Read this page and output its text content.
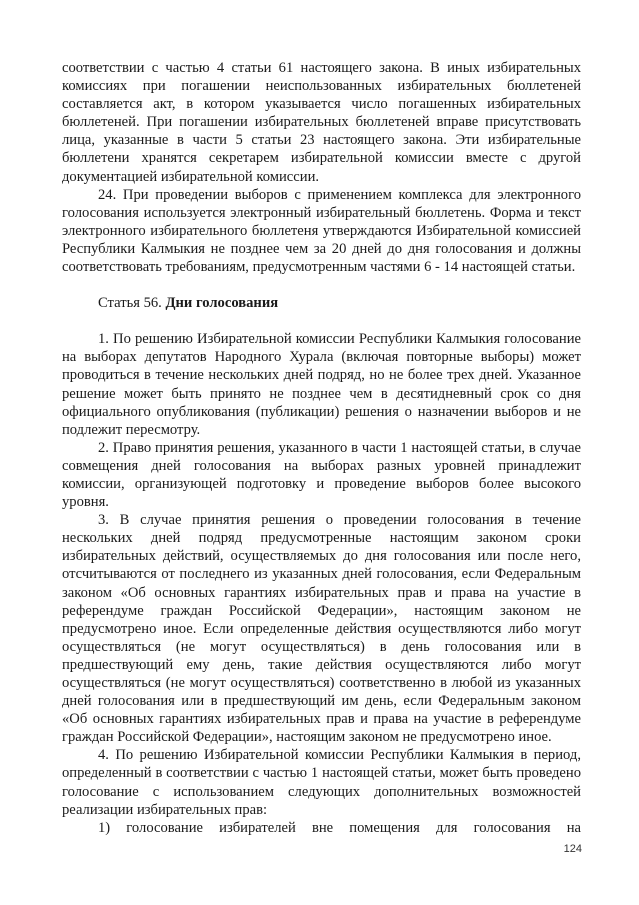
соответствии с частью 4 статьи 61 настоящего закона. В иных избирательных комиссиях при погашении неиспользованных избирательных бюллетеней составляется акт, в котором указывается число погашенных избирательных бюллетеней. При погашении избирательных бюллетеней вправе присутствовать лица, указанные в части 5 статьи 23 настоящего закона. Эти избирательные бюллетени хранятся секретарем избирательной комиссии вместе с другой документацией избирательной комиссии.

24. При проведении выборов с применением комплекса для электронного голосования используется электронный избирательный бюллетень. Форма и текст электронного избирательного бюллетеня утверждаются Избирательной комиссией Республики Калмыкия не позднее чем за 20 дней до дня голосования и должны соответствовать требованиям, предусмотренным частями 6 - 14 настоящей статьи.

Статья 56. Дни голосования

1. По решению Избирательной комиссии Республики Калмыкия голосование на выборах депутатов Народного Хурала (включая повторные выборы) может проводиться в течение нескольких дней подряд, но не более трех дней. Указанное решение может быть принято не позднее чем в десятидневный срок со дня официального опубликования (публикации) решения о назначении выборов и не подлежит пересмотру.

2. Право принятия решения, указанного в части 1 настоящей статьи, в случае совмещения дней голосования на выборах разных уровней принадлежит комиссии, организующей подготовку и проведение выборов более высокого уровня.

3. В случае принятия решения о проведении голосования в течение нескольких дней подряд предусмотренные настоящим законом сроки избирательных действий, осуществляемых до дня голосования или после него, отсчитываются от последнего из указанных дней голосования, если Федеральным законом «Об основных гарантиях избирательных прав и права на участие в референдуме граждан Российской Федерации», настоящим законом не предусмотрено иное. Если определенные действия осуществляются либо могут осуществляться (не могут осуществляться) в день голосования или в предшествующий ему день, такие действия осуществляются либо могут осуществляться (не могут осуществляться) соответственно в любой из указанных дней голосования или в предшествующий им день, если Федеральным законом «Об основных гарантиях избирательных прав и права на участие в референдуме граждан Российской Федерации», настоящим законом не предусмотрено иное.

4. По решению Избирательной комиссии Республики Калмыкия в период, определенный в соответствии с частью 1 настоящей статьи, может быть проведено голосование с использованием следующих дополнительных возможностей реализации избирательных прав:

1) голосование избирателей вне помещения для голосования на

124
